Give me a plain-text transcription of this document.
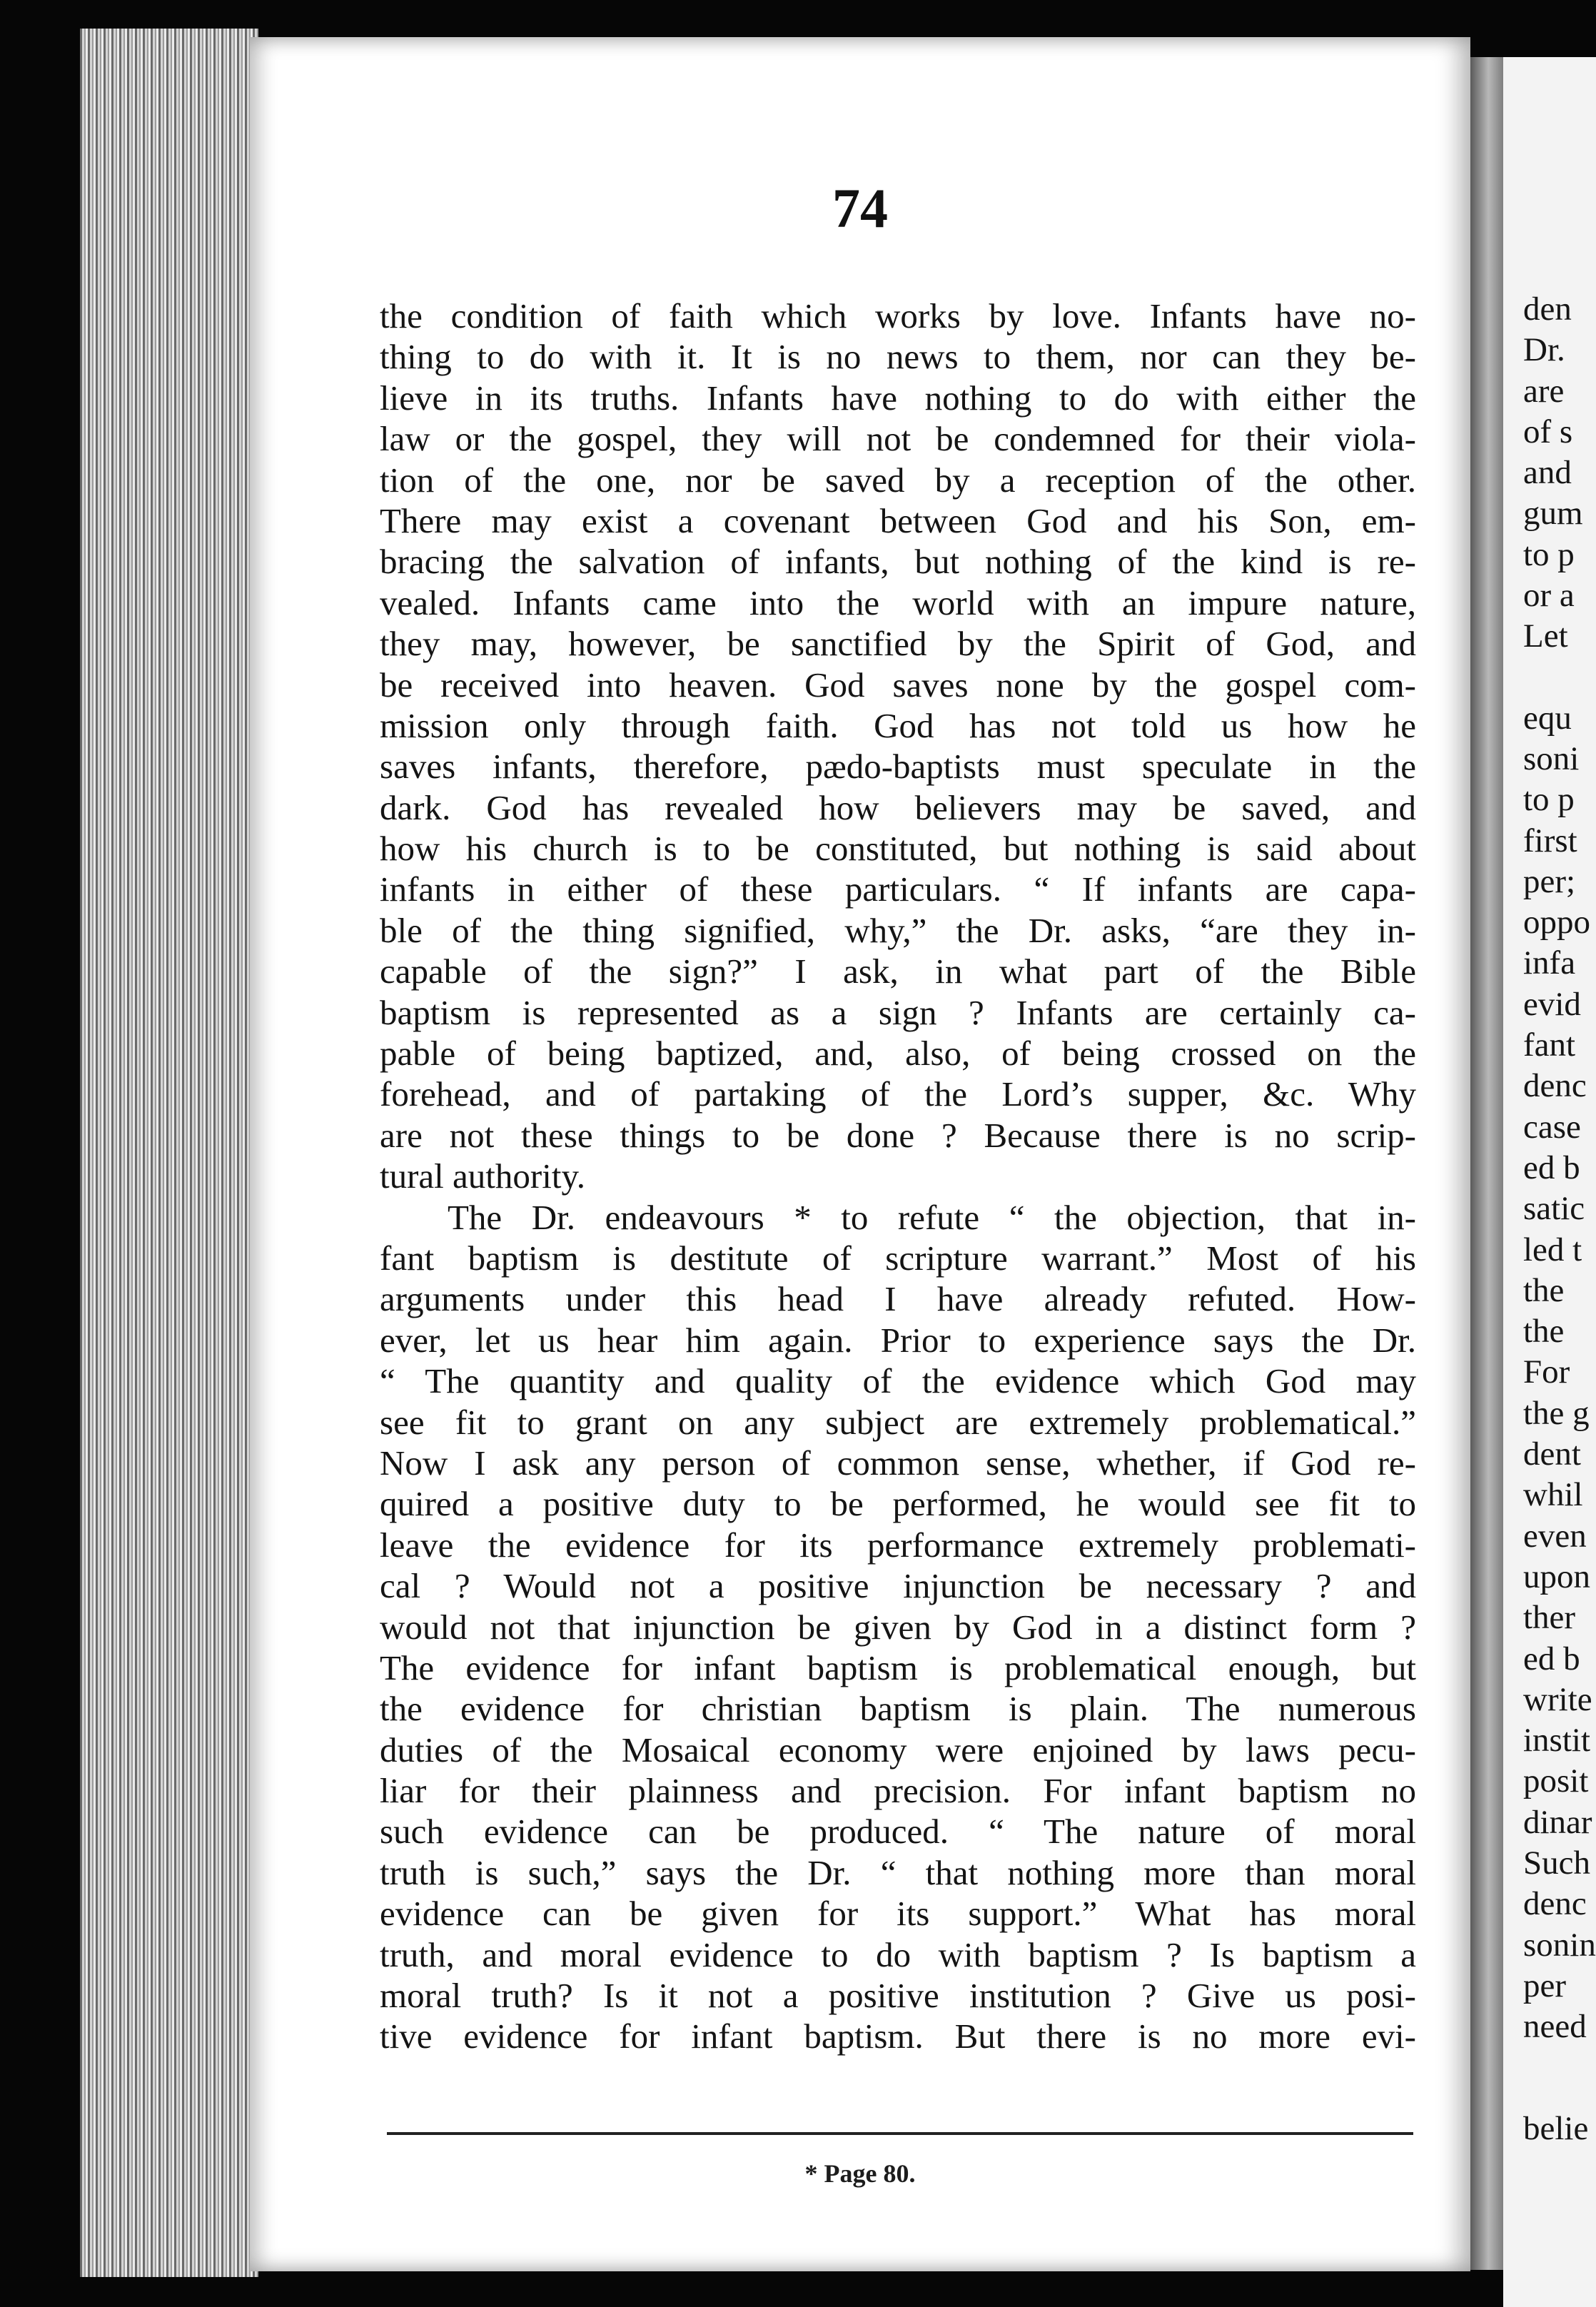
74
the condition of faith which works by love. Infants have no-
thing to do with it. It is no news to them, nor can they be-
lieve in its truths. Infants have nothing to do with either the
law or the gospel, they will not be condemned for their viola-
tion of the one, nor be saved by a reception of the other.
There may exist a covenant between God and his Son, em-
bracing the salvation of infants, but nothing of the kind is re-
vealed. Infants came into the world with an impure nature,
they may, however, be sanctified by the Spirit of God, and
be received into heaven. God saves none by the gospel com-
mission only through faith. God has not told us how he
saves infants, therefore, pædo-baptists must speculate in the
dark. God has revealed how believers may be saved, and
how his church is to be constituted, but nothing is said about
infants in either of these particulars. “ If infants are capa-
ble of the thing signified, why,” the Dr. asks, “are they in-
capable of the sign?” I ask, in what part of the Bible
baptism is represented as a sign ? Infants are certainly ca-
pable of being baptized, and, also, of being crossed on the
forehead, and of partaking of the Lord’s supper, &c. Why
are not these things to be done ? Because there is no scrip-
tural authority.
The Dr. endeavours * to refute “ the objection, that in-
fant baptism is destitute of scripture warrant.” Most of his
arguments under this head I have already refuted. How-
ever, let us hear him again. Prior to experience says the Dr.
“ The quantity and quality of the evidence which God may
see fit to grant on any subject are extremely problematical.”
Now I ask any person of common sense, whether, if God re-
quired a positive duty to be performed, he would see fit to
leave the evidence for its performance extremely problemati-
cal ? Would not a positive injunction be necessary ? and
would not that injunction be given by God in a distinct form ?
The evidence for infant baptism is problematical enough, but
the evidence for christian baptism is plain. The numerous
duties of the Mosaical economy were enjoined by laws pecu-
liar for their plainness and precision. For infant baptism no
such evidence can be produced. “ The nature of moral
truth is such,” says the Dr. “ that nothing more than moral
evidence can be given for its support.” What has moral
truth, and moral evidence to do with baptism ? Is baptism a
moral truth? Is it not a positive institution ? Give us posi-
tive evidence for infant baptism. But there is no more evi-
* Page 80.
den
Dr.
are
of s
and
gum
to p
or a
Let
equ
soni
to p
first
per;
oppo
infa
evid
fant
denc
case
ed b
satic
led t
the
the
For
the g
dent
whil
even
upon
ther
ed b
write
instit
posit
dinar
Such
denc
sonin
per
need
belie
